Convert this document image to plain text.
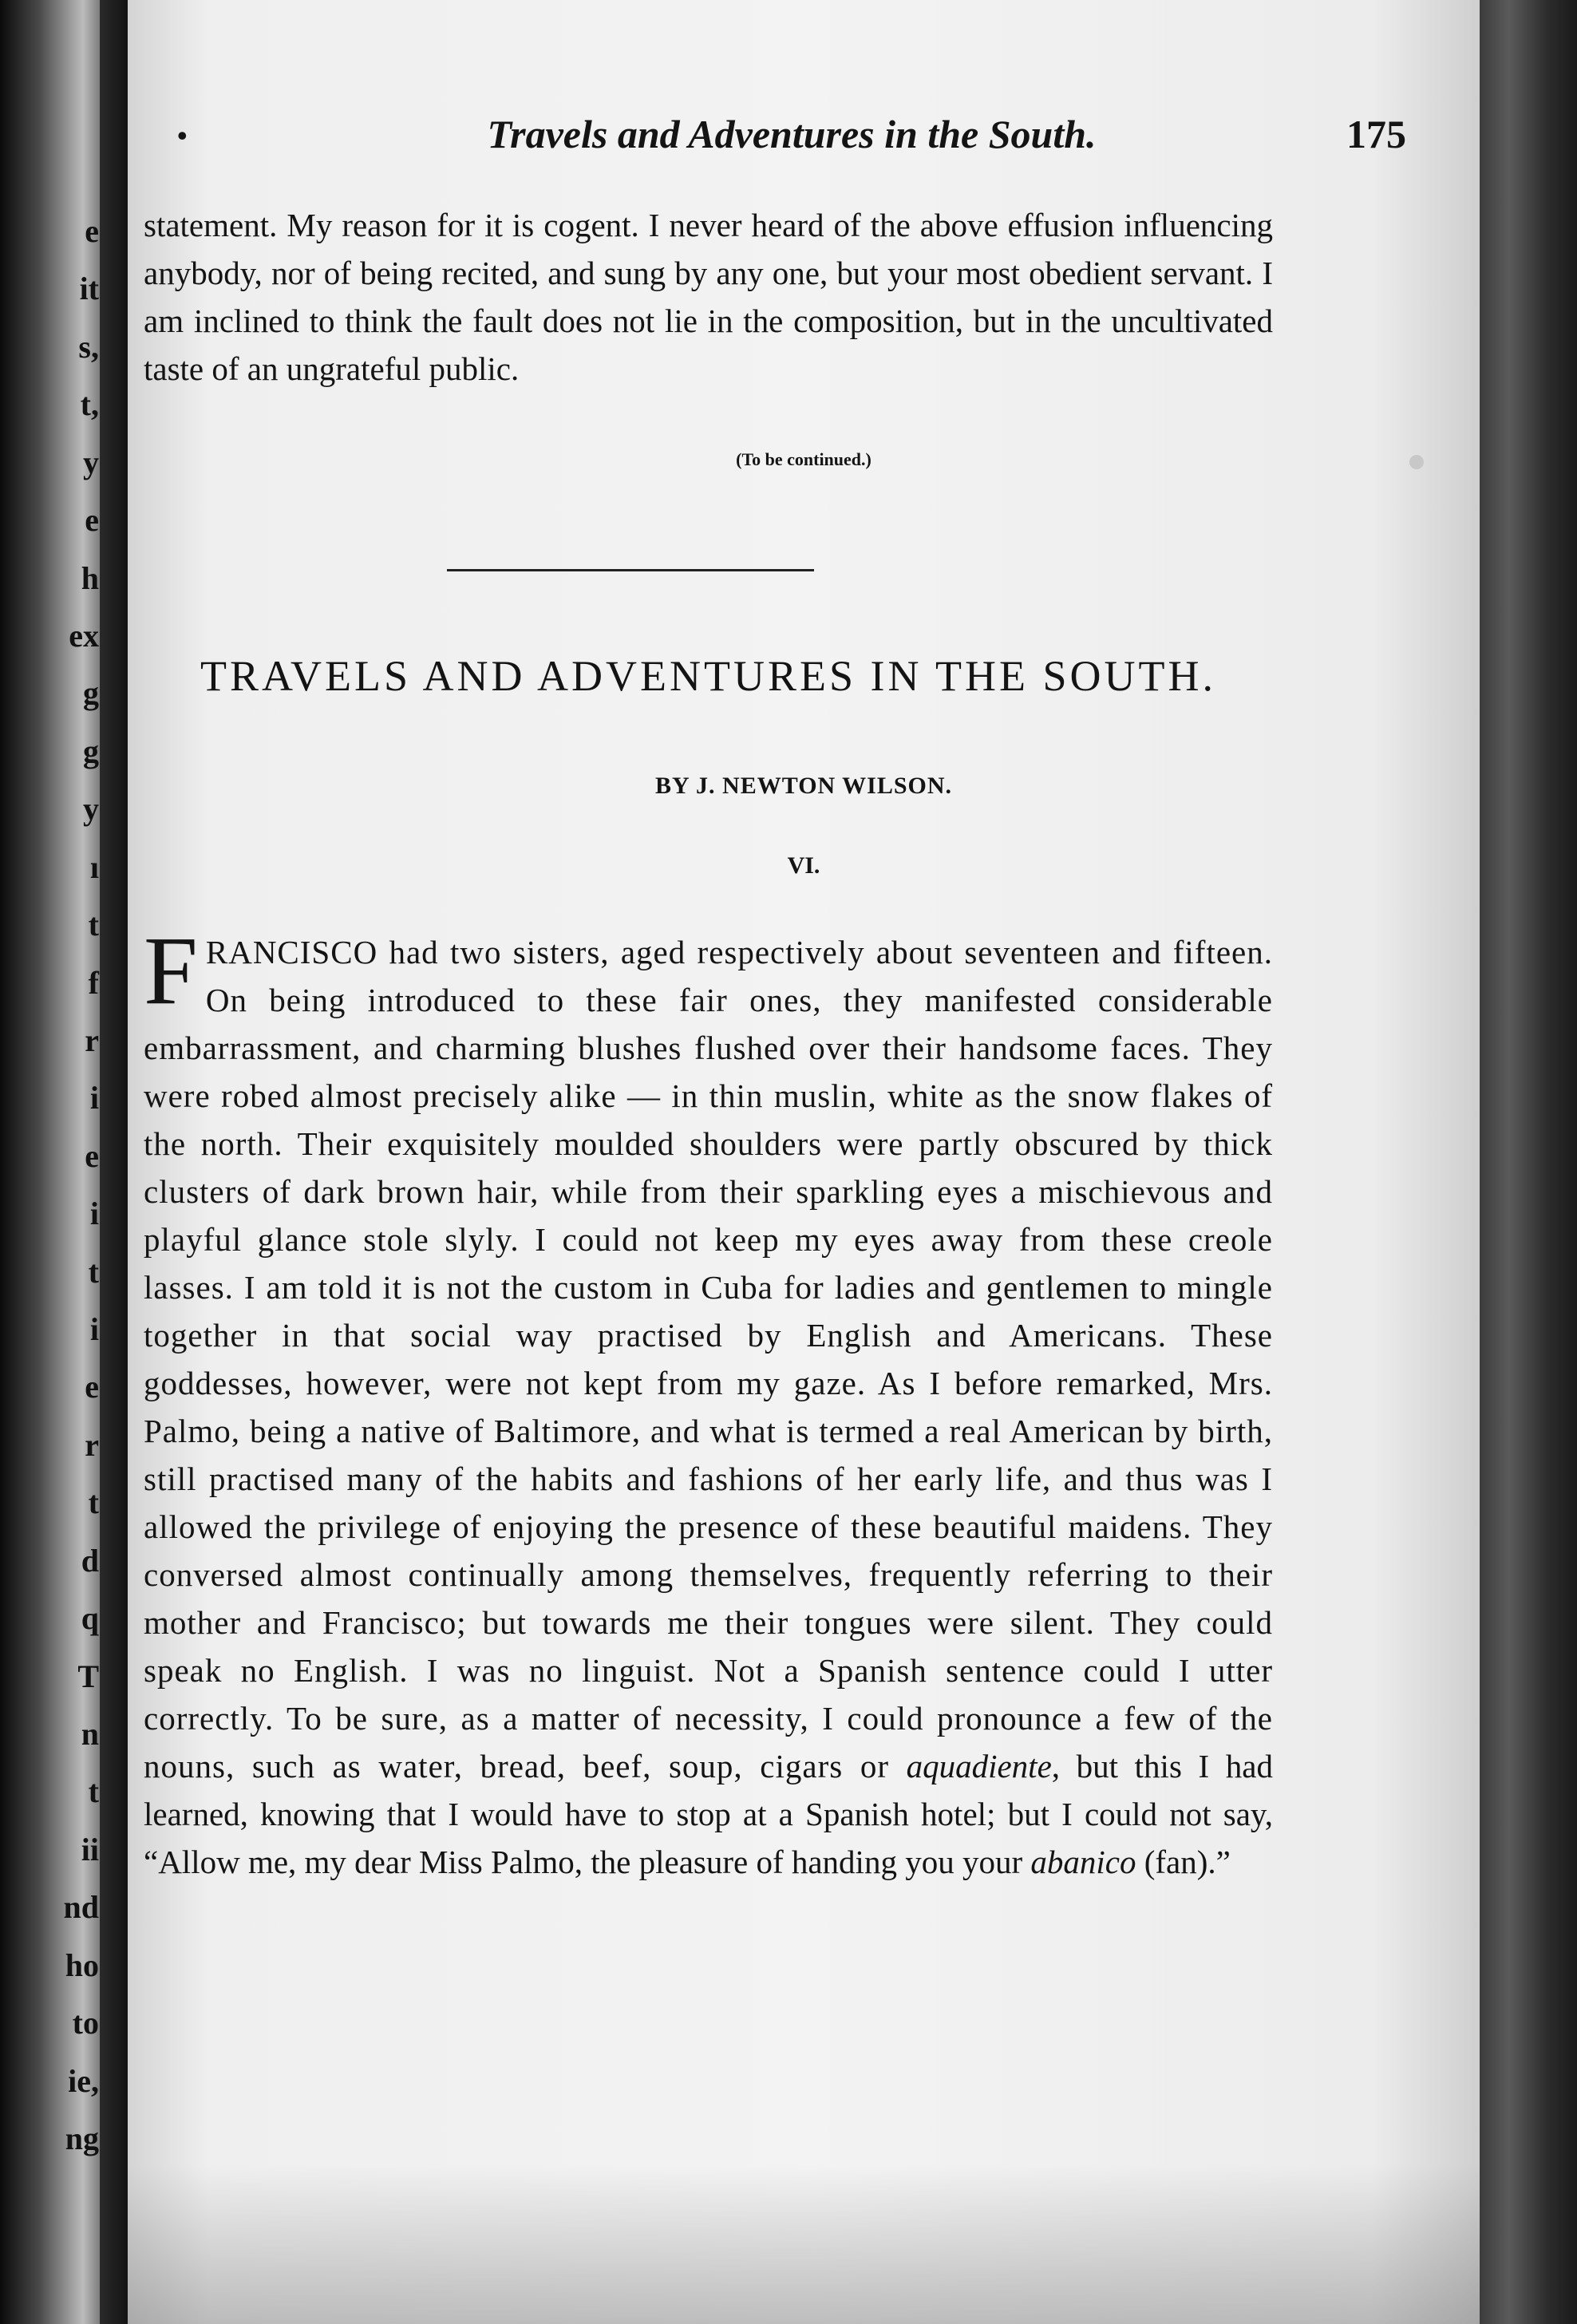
e
it
s,
t,
y
e
h
ex
g
g
y
ı
t
f
r
i
e
i
t
i
e
r
t
d
q
T
n
t
ii
nd
ho
to
ie,
ng
•	Travels and Adventures in the South.	175

statement. My reason for it is cogent. I never heard of the above effusion influencing anybody, nor of being recited, and sung by any one, but your most obedient servant. I am inclined to think the fault does not lie in the composition, but in the uncultivated taste of an ungrateful public.

(To be continued.)
TRAVELS AND ADVENTURES IN THE SOUTH.
BY J. NEWTON WILSON.
VI.

FRANCISCO had two sisters, aged respectively about seventeen and fifteen. On being introduced to these fair ones, they manifested considerable embarrassment, and charming blushes flushed over their handsome faces. They were robed almost precisely alike — in thin muslin, white as the snow flakes of the north. Their exquisitely moulded shoulders were partly obscured by thick clusters of dark brown hair, while from their sparkling eyes a mischievous and playful glance stole slyly. I could not keep my eyes away from these creole lasses. I am told it is not the custom in Cuba for ladies and gentlemen to mingle together in that social way practised by English and Americans. These goddesses, however, were not kept from my gaze. As I before remarked, Mrs. Palmo, being a native of Baltimore, and what is termed a real American by birth, still practised many of the habits and fashions of her early life, and thus was I allowed the privilege of enjoying the presence of these beautiful maidens. They conversed almost continually among themselves, frequently referring to their mother and Francisco; but towards me their tongues were silent. They could speak no English. I was no linguist. Not a Spanish sentence could I utter correctly. To be sure, as a matter of necessity, I could pronounce a few of the nouns, such as water, bread, beef, soup, cigars or aquadiente, but this I had learned, knowing that I would have to stop at a Spanish hotel; but I could not say, “Allow me, my dear Miss Palmo, the pleasure of handing you your abanico (fan).”
